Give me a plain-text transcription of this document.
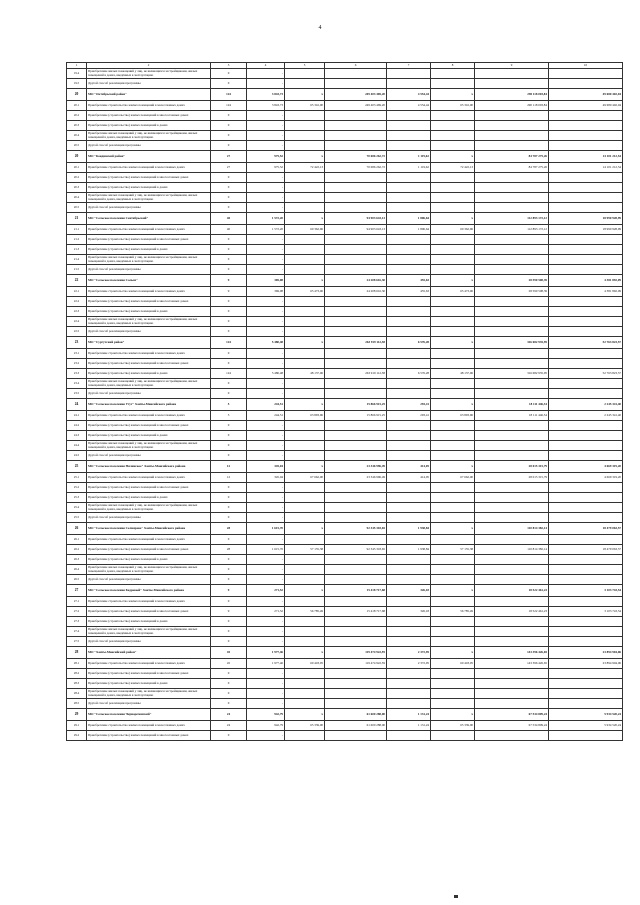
4
1	2	3	4	5	6	7	8	9	10
19.4	Приобретение жилых помещений у лиц, не являющихся застройщиками, жилых помещений в домах, введённых в эксплуатацию	0	-						
19.5	Другой способ реализации программы	0	-						
20	МО "Октябрьский район"	124	3 843,73	x	249 403 469,20	4 554,44	x	290 118 003,84	49 680 402,04
20.1	Приобретение строительство жилых помещений в малоэтажных домах	124	3 843,73	65 316,00	249 403 469,20	4 554,44	65 316,00	290 118 003,84	49 680 402,04
20.2	Приобретение (строительство) жилых помещений в многоэтажных домах	0	-						
20.3	Приобретение (строительство) жилых помещений в домах	0	-						
20.4	Приобретение жилых помещений у лиц, не являющихся застройщиками, жилых помещений в домах, введённых в эксплуатацию	0	-						
20.5	Другой способ реализации программы	0	-						
20	МО "Кондинский район"	27	975,52	x	70 686 262,72	1 119,62	x	84 787 275,26	14 101 212,54
20.1	Приобретение строительство жилых помещений в малоэтажных домах	27	975,52	72 422,13	70 686 262,72	1 119,62	72 422,13	84 787 275,26	14 101 212,54
20.2	Приобретение (строительство) жилых помещений в многоэтажных домах	0	-						
20.3	Приобретение (строительство) жилых помещений в домах	0	-						
20.4	Приобретение жилых помещений у лиц, не являющихся застройщиками, жилых помещений в домах, введённых в эксплуатацию	0	-						
20.5	Другой способ реализации программы	0	-						
21	МО "Сельское поселение Сентябрьский"	40	1 572,20	x	94 903 643,13	1 806,64	x	112 893 172,12	18 990 928,99
21.1	Приобретение строительство жилых помещений в малоэтажных домах	40	1 572,20	60 362,96	94 903 643,13	1 806,64	60 362,96	112 893 172,12	18 990 928,99
21.2	Приобретение (строительство) жилых помещений в многоэтажных домах	0	-						
21.3	Приобретение (строительство) жилых помещений в домах	0	-						
21.4	Приобретение жилых помещений у лиц, не являющихся застройщиками, жилых помещений в домах, введённых в эксплуатацию	0	-						
21.5	Другой способ реализации программы	0	-						
22	МО "Сельское поселение Салым"	9	369,08	x	24 208 616,30	455,63	x	28 590 508,39	4 381 892,09
22.1	Приобретение строительство жилых помещений в малоэтажных домах	9	369,08	65 473,06	24 208 616,30	455,63	65 473,06	28 590 508,39	4 381 892,09
22.2	Приобретение (строительство) жилых помещений в многоэтажных домах	0	-						
22.3	Приобретение (строительство) жилых помещений в домах	0	-						
22.4	Приобретение жилых помещений у лиц, не являющихся застройщиками, жилых помещений в домах, введённых в эксплуатацию	0	-						
22.5	Другой способ реализации программы	0	-						
23	МО "Сургутский район"	124	5 480,48	x	263 919 112,38	6 576,28	x	316 682 935,95	52 763 823,57
23.1	Приобретение строительство жилых помещений в малоэтажных домах	0	-						
23.2	Приобретение (строительство) жилых помещений в многоэтажных домах	0	-						
23.3	Приобретение (строительство) жилых помещений в домах	124	5 480,48	48 137,06	263 919 112,38	6 576,28	48 137,06	316 682 935,95	52 763 823,57
23.4	Приобретение жилых помещений у лиц, не являющихся застройщиками, жилых помещений в домах, введённых в эксплуатацию	0	-						
23.5	Другой способ реализации программы	0	-						
24	МО "Сельское поселение Угут" Ханты-Мансийского района	5	244,51	x	15 866 915,25	293,41	x	18 111 446,34	2 245 341,40
24.1	Приобретение строительство жилых помещений в малоэтажных домах	5	244,51	63 893,96	15 866 915,25	293,41	63 893,96	18 111 446,34	2 245 341,40
24.2	Приобретение (строительство) жилых помещений в многоэтажных домах	0	-						
24.3	Приобретение (строительство) жилых помещений в домах	0	-						
24.4	Приобретение жилых помещений у лиц, не являющихся застройщиками, жилых помещений в домах, введённых в эксплуатацию	0	-						
24.5	Другой способ реализации программы	0	-						
25	МО "Сельское поселение Нялинское" Ханты-Мансийского района	12	345,04	x	23 346 996,49	414,05	x	28 015 315,79	4 669 319,20
25.1	Приобретение строительство жилых помещений в малоэтажных домах	12	345,04	67 662,00	23 346 996,49	414,05	67 662,00	28 015 315,79	4 669 319,20
25.2	Приобретение (строительство) жилых помещений в многоэтажных домах	0	-						
25.3	Приобретение (строительство) жилых помещений в домах	0	-						
25.4	Приобретение жилых помещений у лиц, не являющихся застройщиками, жилых помещений в домах, введённых в эксплуатацию	0	-						
25.5	Другой способ реализации программы	0	-						
26	МО "Сельское поселение Селиярово" Ханты-Мансийского района	28	1 615,70	x	92 345 318,65	1 938,84	x	110 814 382,14	18 479 063,57
26.1	Приобретение строительство жилых помещений в малоэтажных домах	0	-						
26.2	Приобретение (строительство) жилых помещений в многоэтажных домах	28	1 615,70	57 155,38	92 345 318,65	1 938,84	57 155,38	110 814 382,14	18 479 063,57
26.3	Приобретение (строительство) жилых помещений в домах	0	-						
26.4	Приобретение жилых помещений у лиц, не являющихся застройщиками, жилых помещений в домах, введённых в эксплуатацию	0	-						
26.5	Другой способ реализации программы	0	-						
27	МО "Сельское поселение Кедровый" Ханты-Мансийского района	9	271,52	x	15 418 717,68	326,18	x	18 522 461,23	3 103 743,54
27.1	Приобретение строительство жилых помещений в малоэтажных домах	0	-						
27.2	Приобретение (строительство) жилых помещений в многоэтажных домах	9	271,52	56 785,49	15 418 717,68	326,18	56 785,49	18 522 461,23	3 103 743,54
27.3	Приобретение (строительство) жилых помещений в домах	0	-						
27.4	Приобретение жилых помещений у лиц, не являющихся застройщиками, жилых помещений в домах, введённых в эксплуатацию	0	-						
27.5	Другой способ реализации программы	0	-						
28	МО "Ханты-Мансийский район"	45	1 977,46	x	119 474 922,59	2 372,95	x	143 396 426,65	23 894 904,06
28.1	Приобретение строительство жилых помещений в малоэтажных домах	45	1 977,46	60 418,05	119 474 922,59	2 372,95	60 418,05	143 396 426,65	23 894 904,06
28.2	Приобретение (строительство) жилых помещений в многоэтажных домах	0	-						
28.3	Приобретение (строительство) жилых помещений в домах	0	-						
28.4	Приобретение жилых помещений у лиц, не являющихся застройщиками, жилых помещений в домах, введённых в эксплуатацию	0	-						
28.5	Другой способ реализации программы	0	-						
29	МО "Сельское поселение Чернореченский"	24	942,79	x	61 600 288,00	1 131,24	x	67 534 809,24	5 934 520,24
29.1	Приобретение строительство жилых помещений в малоэтажных домах	24	942,79	65 339,00	61 600 288,00	1 131,24	65 339,00	67 534 809,24	5 934 520,24
29.2	Приобретение (строительство) жилых помещений в многоэтажных домах	0	-						
